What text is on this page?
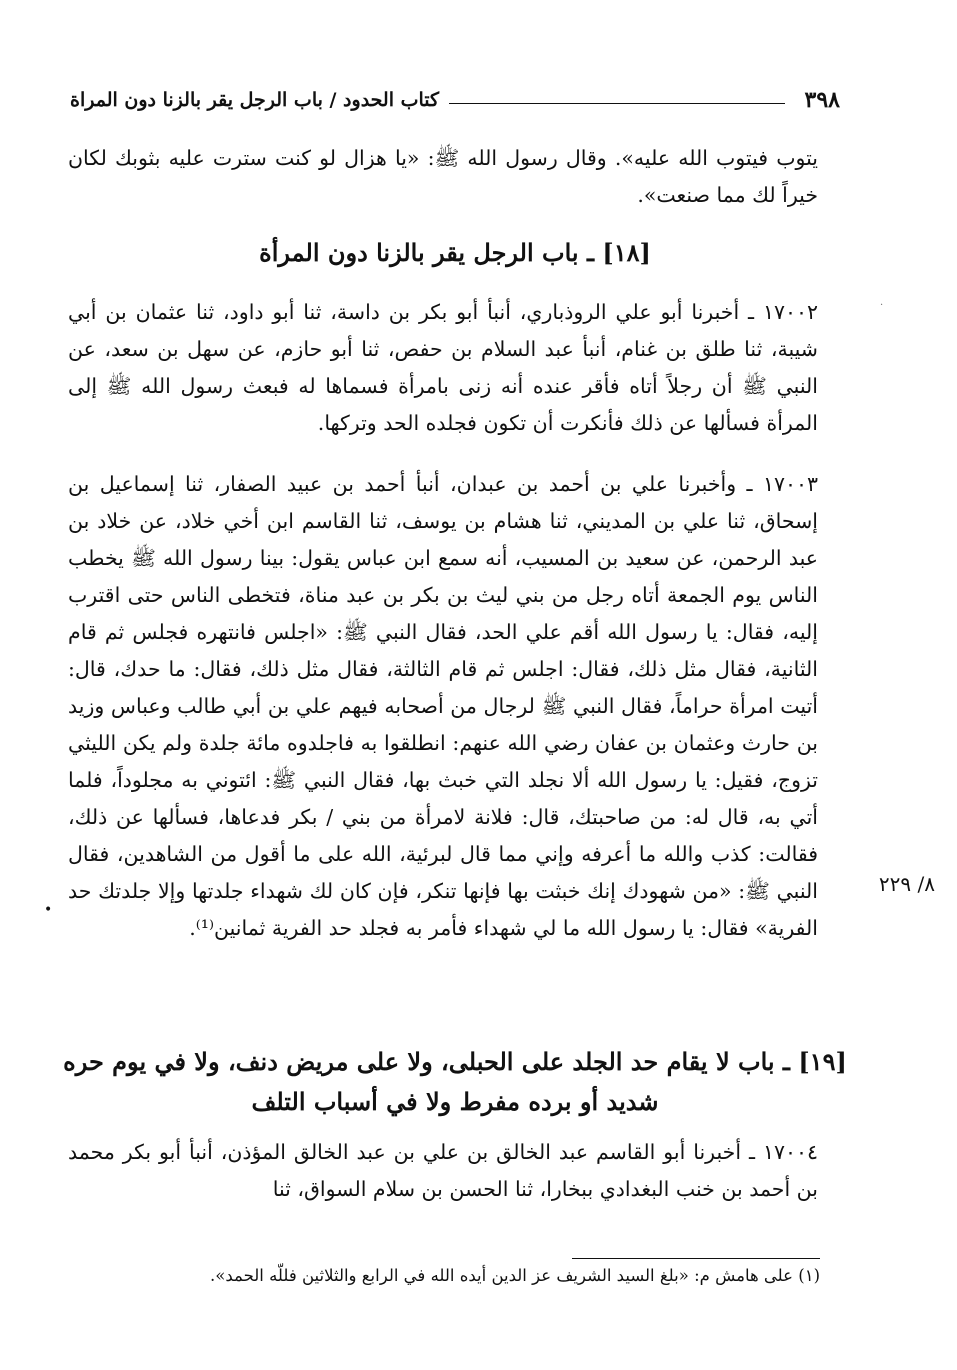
٣٩٨
كتاب الحدود / باب الرجل يقر بالزنا دون المراة

يتوب فيتوب الله عليه». وقال رسول الله ﷺ: «يا هزال لو كنت سترت عليه بثوبك لكان خيراً لك مما صنعت».

[١٨] ـ باب الرجل يقر بالزنا دون المرأة

١٧٠٠٢ ـ أخبرنا أبو علي الروذباري، أنبأ أبو بكر بن داسة، ثنا أبو داود، ثنا عثمان بن أبي شيبة، ثنا طلق بن غنام، أنبأ عبد السلام بن حفص، ثنا أبو حازم، عن سهل بن سعد، عن النبي ﷺ أن رجلاً أتاه فأقر عنده أنه زنى بامرأة فسماها له فبعث رسول الله ﷺ إلى المرأة فسألها عن ذلك فأنكرت أن تكون فجلده الحد وتركها.

١٧٠٠٣ ـ وأخبرنا علي بن أحمد بن عبدان، أنبأ أحمد بن عبيد الصفار، ثنا إسماعيل بن إسحاق، ثنا علي بن المديني، ثنا هشام بن يوسف، ثنا القاسم ابن أخي خلاد، عن خلاد بن عبد الرحمن، عن سعيد بن المسيب، أنه سمع ابن عباس يقول: بينا رسول الله ﷺ يخطب الناس يوم الجمعة أتاه رجل من بني ليث بن بكر بن عبد مناة، فتخطى الناس حتى اقترب إليه، فقال: يا رسول الله أقم علي الحد، فقال النبي ﷺ: «اجلس فانتهره فجلس ثم قام الثانية، فقال مثل ذلك، فقال: اجلس ثم قام الثالثة، فقال مثل ذلك، فقال: ما حدك، قال: أتيت امرأة حراماً، فقال النبي ﷺ لرجال من أصحابه فيهم علي بن أبي طالب وعباس وزيد بن حارث وعثمان بن عفان رضي الله عنهم: انطلقوا به فاجلدوه مائة جلدة ولم يكن الليثي تزوج، فقيل: يا رسول الله ألا نجلد التي خبث بها، فقال النبي ﷺ: ائتوني به مجلوداً، فلما أتي به، قال له: من صاحبتك، قال: فلانة لامرأة من بني / بكر فدعاها، فسألها عن ذلك، فقالت: كذب والله ما أعرفه وإني مما قال لبرئية، الله على ما أقول من الشاهدين، فقال النبي ﷺ: «من شهودك إنك خبثت بها فإنها تنكر، فإن كان لك شهداء جلدتها وإلا جلدتك حد الفرية» فقال: يا رسول الله ما لي شهداء فأمر به فجلد حد الفرية ثمانين⁽¹⁾.

٨/ ٢٢٩
•
[١٩] ـ باب لا يقام حد الجلد على الحبلى، ولا على مريض دنف، ولا في يوم حره شديد أو برده مفرط ولا في أسباب التلف

١٧٠٠٤ ـ أخبرنا أبو القاسم عبد الخالق بن علي بن عبد الخالق المؤذن، أنبأ أبو بكر محمد بن أحمد بن خنب البغدادي ببخارا، ثنا الحسن بن سلام السواق، ثنا

(١) على هامش م: «بلغ السيد الشريف عز الدين أيده الله في الرابع والثلاثين فللّه الحمد».
·
